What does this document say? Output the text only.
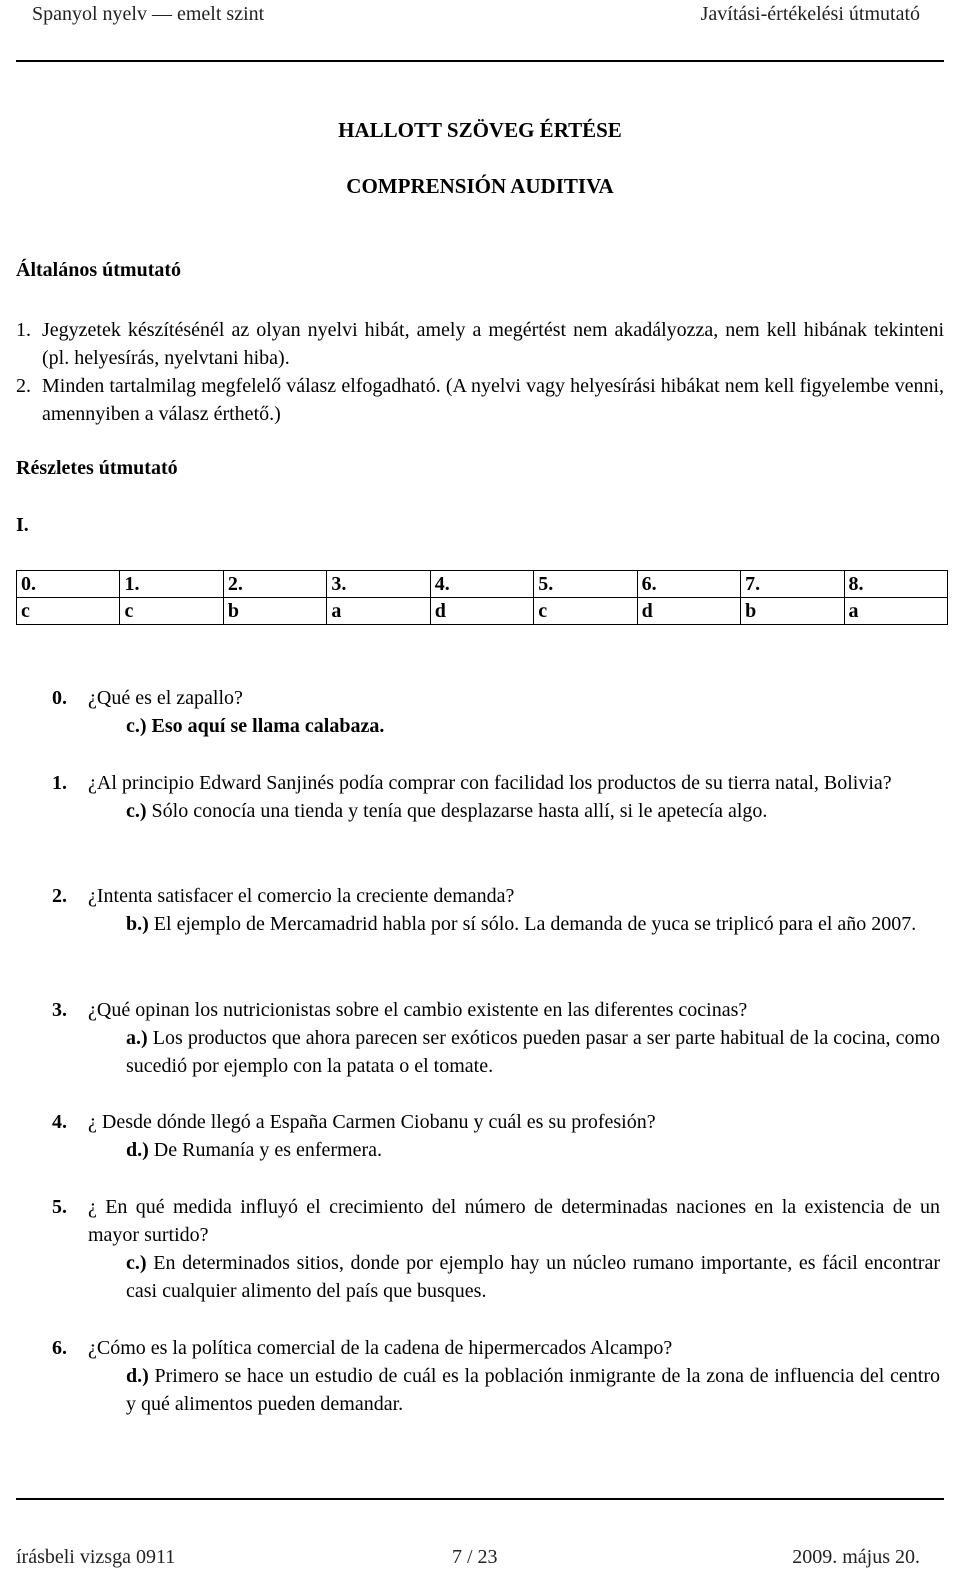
Spanyol nyelv — emelt szint	Javítási-értékelési útmutató
HALLOTT SZÖVEG ÉRTÉSE
COMPRENSIÓN AUDITIVA
Általános útmutató
1. Jegyzetek készítésénél az olyan nyelvi hibát, amely a megértést nem akadályozza, nem kell hibának tekinteni (pl. helyesírás, nyelvtani hiba).
2. Minden tartalmilag megfelelő válasz elfogadható. (A nyelvi vagy helyesírási hibákat nem kell figyelembe venni, amennyiben a válasz érthető.)
Részletes útmutató
I.
0.	1.	2.	3.	4.	5.	6.	7.	8.
c	c	b	a	d	c	d	b	a
0. ¿Qué es el zapallo?
c.) Eso aquí se llama calabaza.
1. ¿Al principio Edward Sanjinés podía comprar con facilidad los productos de su tierra natal, Bolivia?
c.) Sólo conocía una tienda y tenía que desplazarse hasta allí, si le apetecía algo.
2. ¿Intenta satisfacer el comercio la creciente demanda?
b.) El ejemplo de Mercamadrid habla por sí sólo. La demanda de yuca se triplicó para el año 2007.
3. ¿Qué opinan los nutricionistas sobre el cambio existente en las diferentes cocinas?
a.) Los productos que ahora parecen ser exóticos pueden pasar a ser parte habitual de la cocina, como sucedió por ejemplo con la patata o el tomate.
4. ¿ Desde dónde llegó a España Carmen Ciobanu y cuál es su profesión?
d.) De Rumanía y es enfermera.
5. ¿ En qué medida influyó el crecimiento del número de determinadas naciones en la existencia de un mayor surtido?
c.) En determinados sitios, donde por ejemplo hay un núcleo rumano importante, es fácil encontrar casi cualquier alimento del país que busques.
6. ¿Cómo es la política comercial de la cadena de hipermercados Alcampo?
d.) Primero se hace un estudio de cuál es la población inmigrante de la zona de influencia del centro y qué alimentos pueden demandar.
írásbeli vizsga 0911	7 / 23	2009. május 20.
